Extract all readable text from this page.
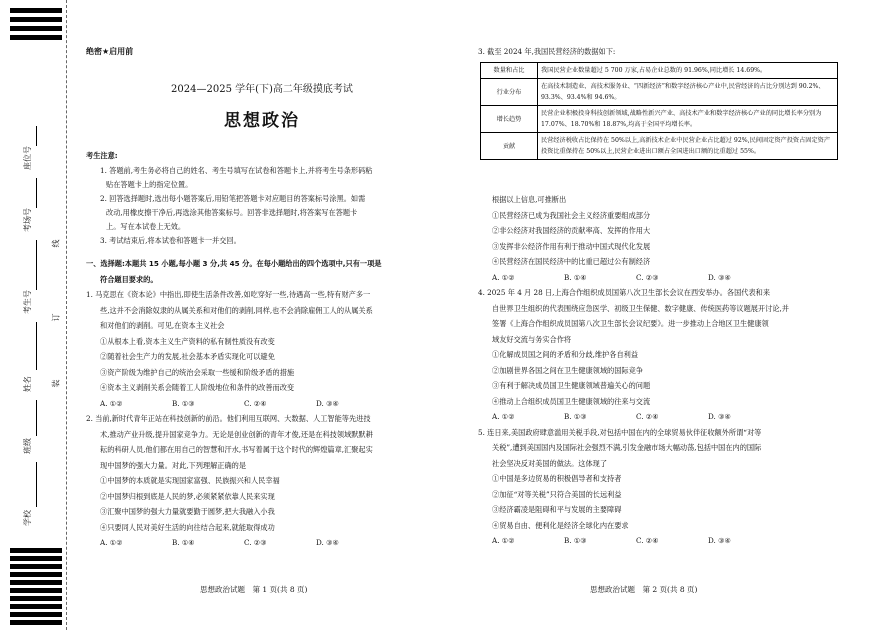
座位号
考场号
考生号
姓名
班级
学校
线
订
装
绝密★启用前
2024—2025 学年(下)高二年级摸底考试
思想政治

考生注意:

1. 答题前,考生务必将自己的姓名、考生号填写在试卷和答题卡上,并将考生号条形码粘

贴在答题卡上的指定位置。

2. 回答选择题时,选出每小题答案后,用铅笔把答题卡对应题目的答案标号涂黑。如需

改动,用橡皮擦干净后,再选涂其他答案标号。回答非选择题时,将答案写在答题卡

上。写在本试卷上无效。

3. 考试结束后,将本试卷和答题卡一并交回。

一、选择题:本题共 15 小题,每小题 3 分,共 45 分。在每小题给出的四个选项中,只有一项是

符合题目要求的。

1. 马克思在《资本论》中指出,即使生活条件改善,如吃穿好一些,待遇高一些,特有财产多一

些,这并不会消除奴隶的从属关系和对他们的剥削,同样,也不会消除雇佣工人的从属关系

和对他们的剥削。可见,在资本主义社会

①从根本上看,资本主义生产资料的私有制性质没有改变

②随着社会生产力的发展,社会基本矛盾实现化可以避免

③资产阶级为维护自己的统治会采取一些缓和阶级矛盾的措施

④资本主义剥削关系会随着工人阶级地位和条件的改善而改变

A. ①②	B. ①③	C. ②④	D. ③④

2. 当前,新时代青年正站在科技创新的前沿。他们利用互联网、大数据、人工智能等先进技

术,推动产业升级,提升国家竞争力。无论是创业创新的青年才俊,还是在科技领域默默耕

耘的科研人员,他们都在用自己的智慧和汗水,书写着属于这个时代的辉煌篇章,汇聚起实

现中国梦的强大力量。对此,下列理解正确的是

①中国梦的本质就是实现国家富强、民族振兴和人民幸福

②中国梦归根到底是人民的梦,必须紧紧依靠人民来实现

③汇聚中国梦的强大力量就要勤于圆梦,把大我融入小我

④只要同人民对美好生活的向往结合起来,就能取得成功

A. ①②	B. ①④	C. ②③	D. ③④
思想政治试题　第 1 页(共 8 页)

3. 截至 2024 年,我国民营经济的数据如下:

数量和占比	我国民营企业数量超过 5 700 万家,占易企业总数的 91.96%,同比增长 14.69%。
行业分布	在高技术制造业、高技术服务业、“四新经济”和数字经济核心产业中,民营经济的占比分别达到 90.2%、93.3%、93.4%和 94.6%。
增长趋势	民营企业积极投身科技创新领域,战略性新兴产业、高技术产业和数字经济核心产业的同比增长率分别为 17.07%、18.70%和 18.87%,均高于全国平均增长率。
贡献	民营经济税收占比保持在 50%以上,高新技术企业中民营企业占比超过 92%,民间固定资产投资占固定资产投资比重保持在 50%以上,民营企业进出口额占全国进出口额的比重超过 55%。

根据以上信息,可推断出

①民营经济已成为我国社会主义经济重要组成部分

②非公经济对我国经济的贡献率高、发挥的作用大

③发挥非公经济作用有利于推动中国式现代化发展

④民营经济在国民经济中的比重已超过公有制经济

A. ①②	B. ①④	C. ②③	D. ③④

4. 2025 年 4 月 28 日,上海合作组织成员国第八次卫生部长会议在西安举办。各国代表和来

自世界卫生组织的代表围绕应急医学、初级卫生保健、数字健康、传统医药等议题展开讨论,并

签署《上海合作组织成员国第八次卫生部长会议纪要》。进一步推动上合地区卫生健康领

域友好交流与务实合作将

①化解成员国之间的矛盾和分歧,维护各自利益

②加剧世界各国之间在卫生健康领域的国际竞争

③有利于解决成员国卫生健康领域普遍关心的问题

④推动上合组织成员国卫生健康领域的往来与交流

A. ①②	B. ①③	C. ②④	D. ③④

5. 连日来,美国政府肆意滥用关税手段,对包括中国在内的全球贸易伙伴征收额外所谓“对等

关税”,遭到美国国内及国际社会强烈不满,引发金融市场大幅动荡,包括中国在内的国际

社会坚决反对美国的做法。这体现了

①中国是多边贸易的积极倡导者和支持者

②加征“对等关税”只符合美国的长远利益

③经济霸凌是阻碍和平与发展的主要障碍

④贸易自由、便利化是经济全球化内在要求

A. ①②	B. ①③	C. ②④	D. ③④
思想政治试题　第 2 页(共 8 页)
